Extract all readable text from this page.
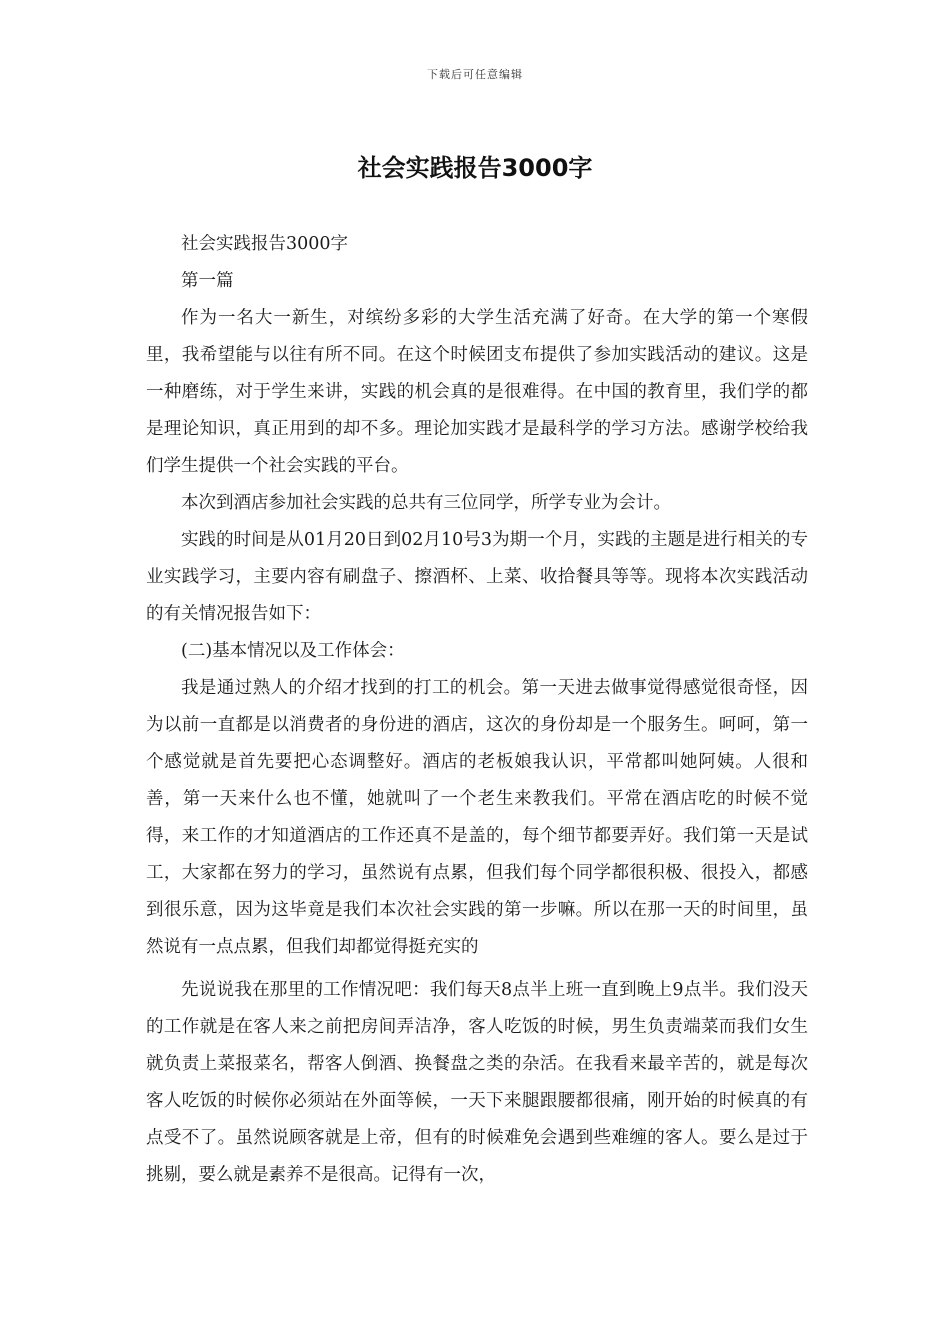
下载后可任意编辑
社会实践报告3000字

社会实践报告3000字

第一篇

作为一名大一新生，对缤纷多彩的大学生活充满了好奇。在大学的第一个寒假里，我希望能与以往有所不同。在这个时候团支布提供了参加实践活动的建议。这是一种磨练，对于学生来讲，实践的机会真的是很难得。在中国的教育里，我们学的都是理论知识，真正用到的却不多。理论加实践才是最科学的学习方法。感谢学校给我们学生提供一个社会实践的平台。

本次到酒店参加社会实践的总共有三位同学，所学专业为会计。

实践的时间是从01月20日到02月10号3为期一个月，实践的主题是进行相关的专业实践学习，主要内容有刷盘子、擦酒杯、上菜、收拾餐具等等。现将本次实践活动的有关情况报告如下：

(二)基本情况以及工作体会：

我是通过熟人的介绍才找到的打工的机会。第一天进去做事觉得感觉很奇怪，因为以前一直都是以消费者的身份进的酒店，这次的身份却是一个服务生。呵呵，第一个感觉就是首先要把心态调整好。酒店的老板娘我认识，平常都叫她阿姨。人很和善，第一天来什么也不懂，她就叫了一个老生来教我们。平常在酒店吃的时候不觉得，来工作的才知道酒店的工作还真不是盖的，每个细节都要弄好。我们第一天是试工，大家都在努力的学习，虽然说有点累，但我们每个同学都很积极、很投入，都感到很乐意，因为这毕竟是我们本次社会实践的第一步嘛。所以在那一天的时间里，虽然说有一点点累，但我们却都觉得挺充实的

先说说我在那里的工作情况吧：我们每天8点半上班一直到晚上9点半。我们没天的工作就是在客人来之前把房间弄洁净，客人吃饭的时候，男生负责端菜而我们女生就负责上菜报菜名，帮客人倒酒、换餐盘之类的杂活。在我看来最辛苦的，就是每次客人吃饭的时候你必须站在外面等候，一天下来腿跟腰都很痛，刚开始的时候真的有点受不了。虽然说顾客就是上帝，但有的时候难免会遇到些难缠的客人。要么是过于挑剔，要么就是素养不是很高。记得有一次，
